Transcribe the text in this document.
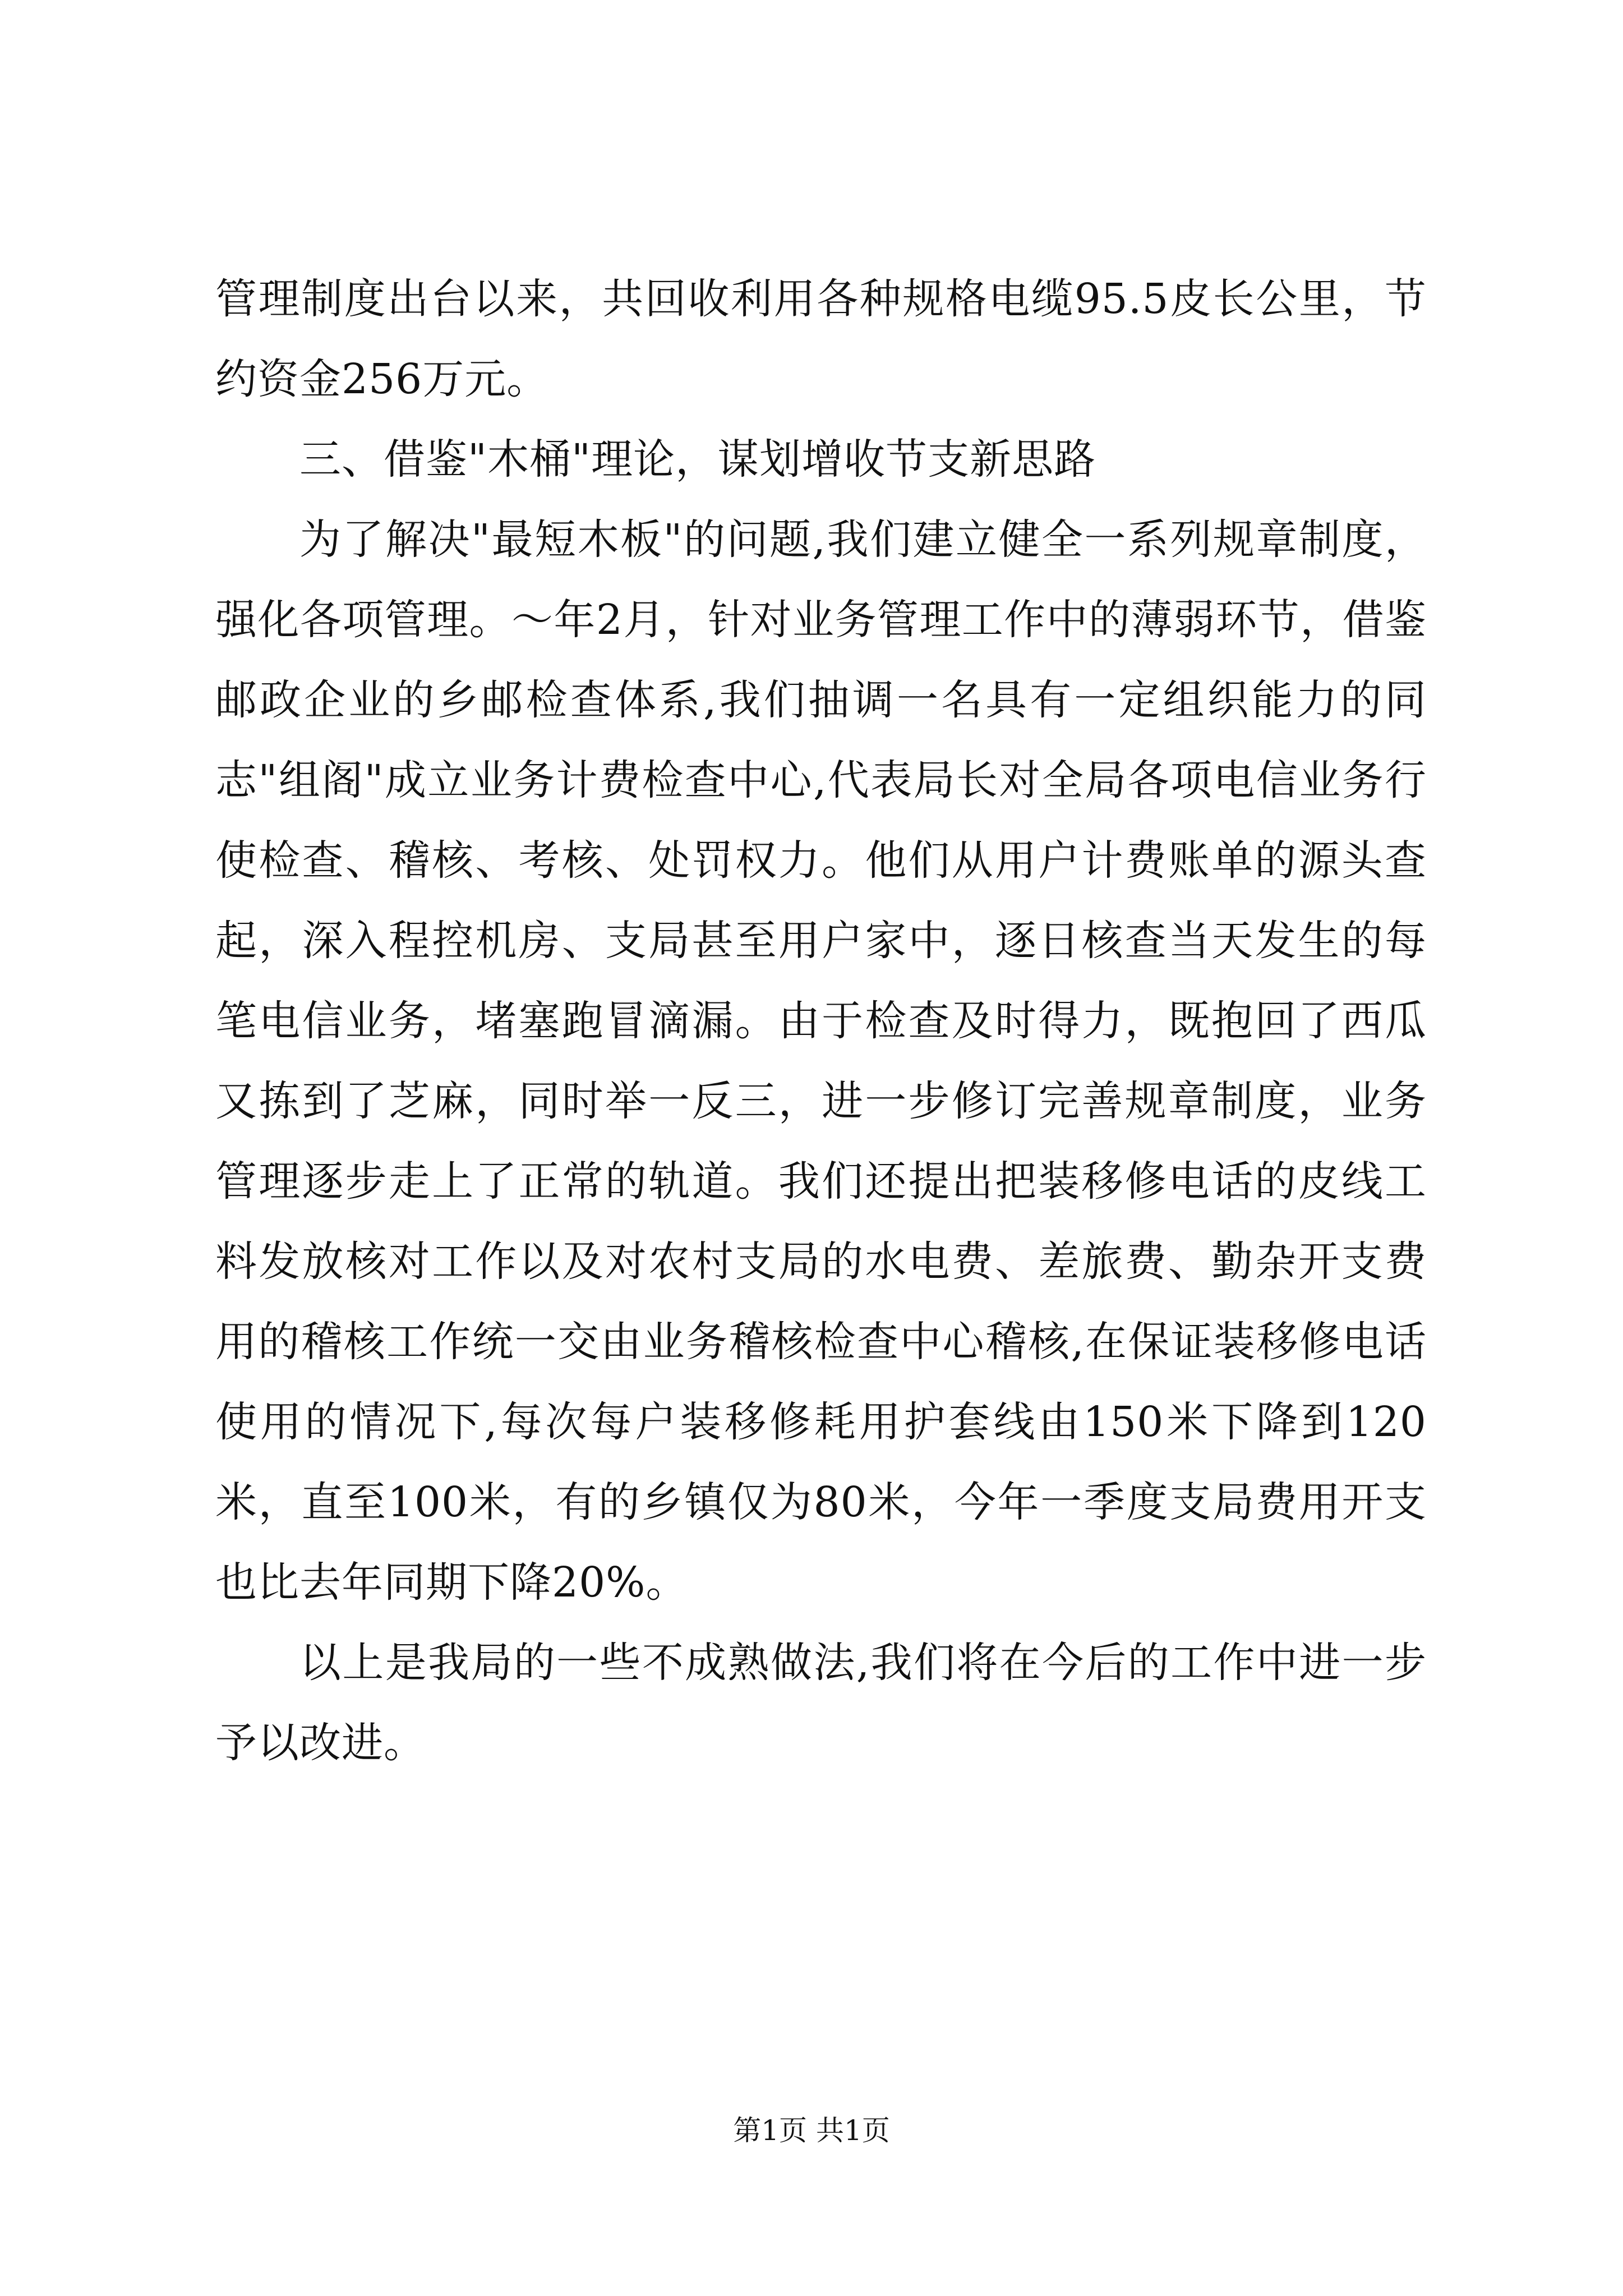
管理制度出台以来，共回收利用各种规格电缆95.5皮长公里，节约资金256万元。

三、借鉴"木桶"理论，谋划增收节支新思路

为了解决"最短木板"的问题,我们建立健全一系列规章制度，强化各项管理。～年2月，针对业务管理工作中的薄弱环节，借鉴邮政企业的乡邮检查体系,我们抽调一名具有一定组织能力的同志"组阁"成立业务计费检查中心,代表局长对全局各项电信业务行使检查、稽核、考核、处罚权力。他们从用户计费账单的源头查起，深入程控机房、支局甚至用户家中，逐日核查当天发生的每笔电信业务，堵塞跑冒滴漏。由于检查及时得力，既抱回了西瓜又拣到了芝麻，同时举一反三，进一步修订完善规章制度，业务管理逐步走上了正常的轨道。我们还提出把装移修电话的皮线工料发放核对工作以及对农村支局的水电费、差旅费、勤杂开支费用的稽核工作统一交由业务稽核检查中心稽核,在保证装移修电话使用的情况下,每次每户装移修耗用护套线由150米下降到120米，直至100米，有的乡镇仅为80米，今年一季度支局费用开支也比去年同期下降20%。

以上是我局的一些不成熟做法,我们将在今后的工作中进一步予以改进。

第1页 共1页
